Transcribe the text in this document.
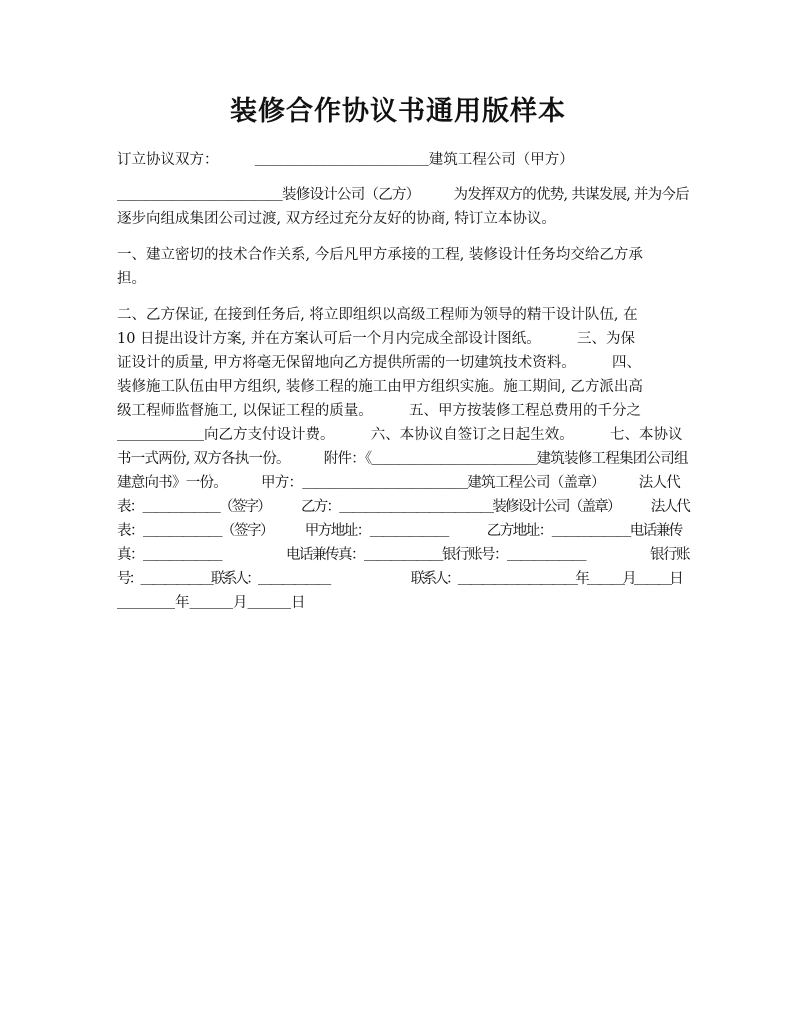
装修合作协议书通用版样本

订立协议双方：　　　＿＿＿＿＿＿＿＿＿＿＿＿建筑工程公司（甲方）

＿＿＿＿＿＿＿＿＿＿＿＿装修设计公司（乙方）　　　为发挥双方的优势, 共谋发展, 并为今后

逐步向组成集团公司过渡, 双方经过充分友好的协商, 特订立本协议。

一、建立密切的技术合作关系, 今后凡甲方承接的工程, 装修设计任务均交给乙方承

担。

二、乙方保证, 在接到任务后, 将立即组织以高级工程师为领导的精干设计队伍, 在

10 日提出设计方案, 并在方案认可后一个月内完成全部设计图纸。　　　三、为保

证设计的质量, 甲方将毫无保留地向乙方提供所需的一切建筑技术资料。　　　四、

装修施工队伍由甲方组织, 装修工程的施工由甲方组织实施。施工期间, 乙方派出高

级工程师监督施工, 以保证工程的质量。　　　五、甲方按装修工程总费用的千分之

＿＿＿＿＿＿向乙方支付设计费。　　　六、本协议自签订之日起生效。　　　七、本协议

书一式两份, 双方各执一份。　　　附件：《＿＿＿＿＿＿＿＿＿＿＿＿建筑装修工程集团公司组

建意向书》一份。　　　甲方：＿＿＿＿＿＿＿＿＿＿＿＿建筑工程公司（盖章）　　　法人代

表：＿＿＿＿＿＿（签字）　　　乙方：＿＿＿＿＿＿＿＿＿＿＿＿装修设计公司（盖章）　　　法人代

表：＿＿＿＿＿＿（签字）　　　甲方地址：＿＿＿＿＿＿　　　乙方地址：＿＿＿＿＿＿电话兼传

真：＿＿＿＿＿＿　　　　　电话兼传真：＿＿＿＿＿＿银行账号：＿＿＿＿＿＿　　　　　银行账

号：＿＿＿＿＿＿联系人：＿＿＿＿＿＿　　　　　　　联系人：＿＿＿＿＿＿＿＿＿＿年＿＿＿月＿＿＿日

＿＿＿＿年＿＿＿月＿＿＿日
